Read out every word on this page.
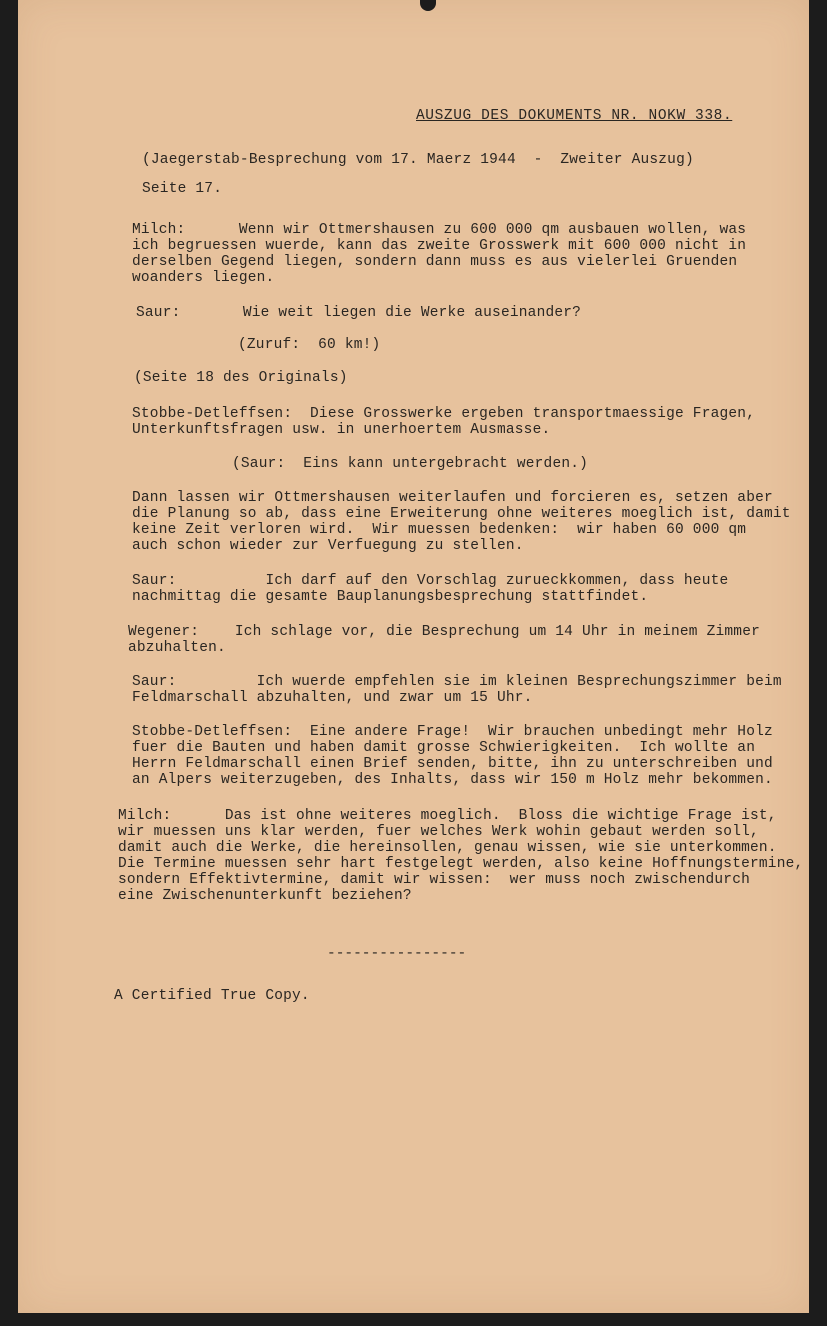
AUSZUG DES DOKUMENTS NR. NOKW 338.
(Jaegerstab-Besprechung vom 17. Maerz 1944  -  Zweiter Auszug)
Seite 17.
Milch:      Wenn wir Ottmershausen zu 600 000 qm ausbauen wollen, was
ich begruessen wuerde, kann das zweite Grosswerk mit 600 000 nicht in
derselben Gegend liegen, sondern dann muss es aus vielerlei Gruenden
woanders liegen.
Saur:       Wie weit liegen die Werke auseinander?
(Zuruf:  60 km!)
(Seite 18 des Originals)
Stobbe-Detleffsen:  Diese Grosswerke ergeben transportmaessige Fragen,
Unterkunftsfragen usw. in unerhoertem Ausmasse.
(Saur:  Eins kann untergebracht werden.)
Dann lassen wir Ottmershausen weiterlaufen und forcieren es, setzen aber
die Planung so ab, dass eine Erweiterung ohne weiteres moeglich ist, damit
keine Zeit verloren wird.  Wir muessen bedenken:  wir haben 60 000 qm
auch schon wieder zur Verfuegung zu stellen.
Saur:          Ich darf auf den Vorschlag zurueckkommen, dass heute
nachmittag die gesamte Bauplanungsbesprechung stattfindet.
Wegener:    Ich schlage vor, die Besprechung um 14 Uhr in meinem Zimmer
abzuhalten.
Saur:         Ich wuerde empfehlen sie im kleinen Besprechungszimmer beim
Feldmarschall abzuhalten, und zwar um 15 Uhr.
Stobbe-Detleffsen:  Eine andere Frage!  Wir brauchen unbedingt mehr Holz
fuer die Bauten und haben damit grosse Schwierigkeiten.  Ich wollte an
Herrn Feldmarschall einen Brief senden, bitte, ihn zu unterschreiben und
an Alpers weiterzugeben, des Inhalts, dass wir 150 m Holz mehr bekommen.
Milch:      Das ist ohne weiteres moeglich.  Bloss die wichtige Frage ist,
wir muessen uns klar werden, fuer welches Werk wohin gebaut werden soll,
damit auch die Werke, die hereinsollen, genau wissen, wie sie unterkommen.
Die Termine muessen sehr hart festgelegt werden, also keine Hoffnungstermine,
sondern Effektivtermine, damit wir wissen:  wer muss noch zwischendurch
eine Zwischenunterkunft beziehen?
----------------
A Certified True Copy.
